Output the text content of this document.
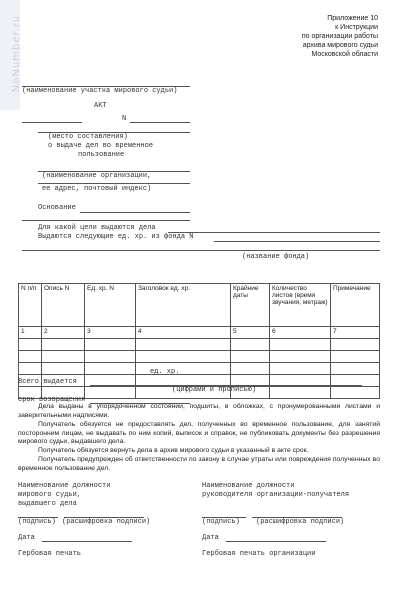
NoNumber.ru	Приложение 10
к Инструкции
по организации работы
архива мирового судьи
Московской области
(наименование участка мирового судьи)
АКТ
N
(место составления)
о выдаче дел во временное
пользование
(наименование организации,
ее адрес, почтовый индекс)
Основание
Для какой цели выдаются дела
Выдаются следующие ед. хр. из фонда N
(название фонда)
N п/п	Опись N	Ед. хр. N	Заголовок ед. хр.	Крайние даты	Количество листов (время звучания, метраж)	Примечание
1	2	3	4	5	6	7

ед. хр.
Всего выдается
(цифрами и прописью)
срок возвращения
Дела выданы в упорядоченном состоянии, подшиты, в обложках, с пронумерованными листами и заверительными надписями.
Получатель обязуется не предоставлять дел, полученных во временное пользование, для занятий посторонним лицам, не выдавать по ним копий, выписок и справок, не публиковать документы без разрешения мирового судьи, выдавшего дела.
Получатель обязуется вернуть дела в архив мирового судьи в указанный в акте срок.
Получатель предупрежден об ответственности по закону в случае утраты или повреждения полученных во временное пользование дел.
Наименование должности
мирового судьи,
выдавшего дела
(подпись) (расшифровка подписи)
Дата
Гербовая печать
Наименование должности
руководителя организации-получателя
(подпись) (расшифровка подписи)
Дата
Гербовая печать организации
